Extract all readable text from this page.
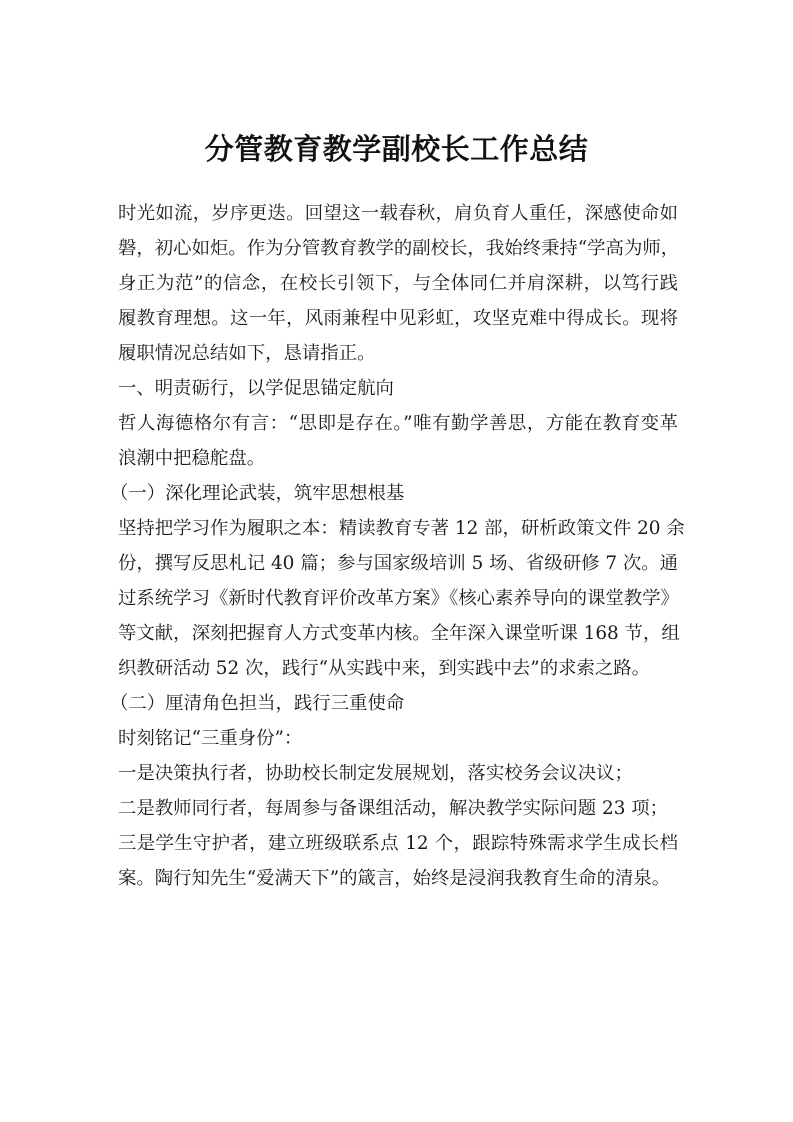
分管教育教学副校长工作总结

时光如流，岁序更迭。回望这一载春秋，肩负育人重任，深感使命如
磐，初心如炬。作为分管教育教学的副校长，我始终秉持“学高为师，
身正为范”的信念，在校长引领下，与全体同仁并肩深耕，以笃行践
履教育理想。这一年，风雨兼程中见彩虹，攻坚克难中得成长。现将
履职情况总结如下，恳请指正。

一、明责砺行，以学促思锚定航向

哲人海德格尔有言：“思即是存在。”唯有勤学善思，方能在教育变革
浪潮中把稳舵盘。

（一）深化理论武装，筑牢思想根基

坚持把学习作为履职之本：精读教育专著 12 部，研析政策文件 20 余
份，撰写反思札记 40 篇；参与国家级培训 5 场、省级研修 7 次。通
过系统学习《新时代教育评价改革方案》《核心素养导向的课堂教学》
等文献，深刻把握育人方式变革内核。全年深入课堂听课 168 节，组
织教研活动 52 次，践行“从实践中来，到实践中去”的求索之路。

（二）厘清角色担当，践行三重使命

时刻铭记“三重身份”：

一是决策执行者，协助校长制定发展规划，落实校务会议决议；

二是教师同行者，每周参与备课组活动，解决教学实际问题 23 项；

三是学生守护者，建立班级联系点 12 个，跟踪特殊需求学生成长档
案。陶行知先生“爱满天下”的箴言，始终是浸润我教育生命的清泉。
